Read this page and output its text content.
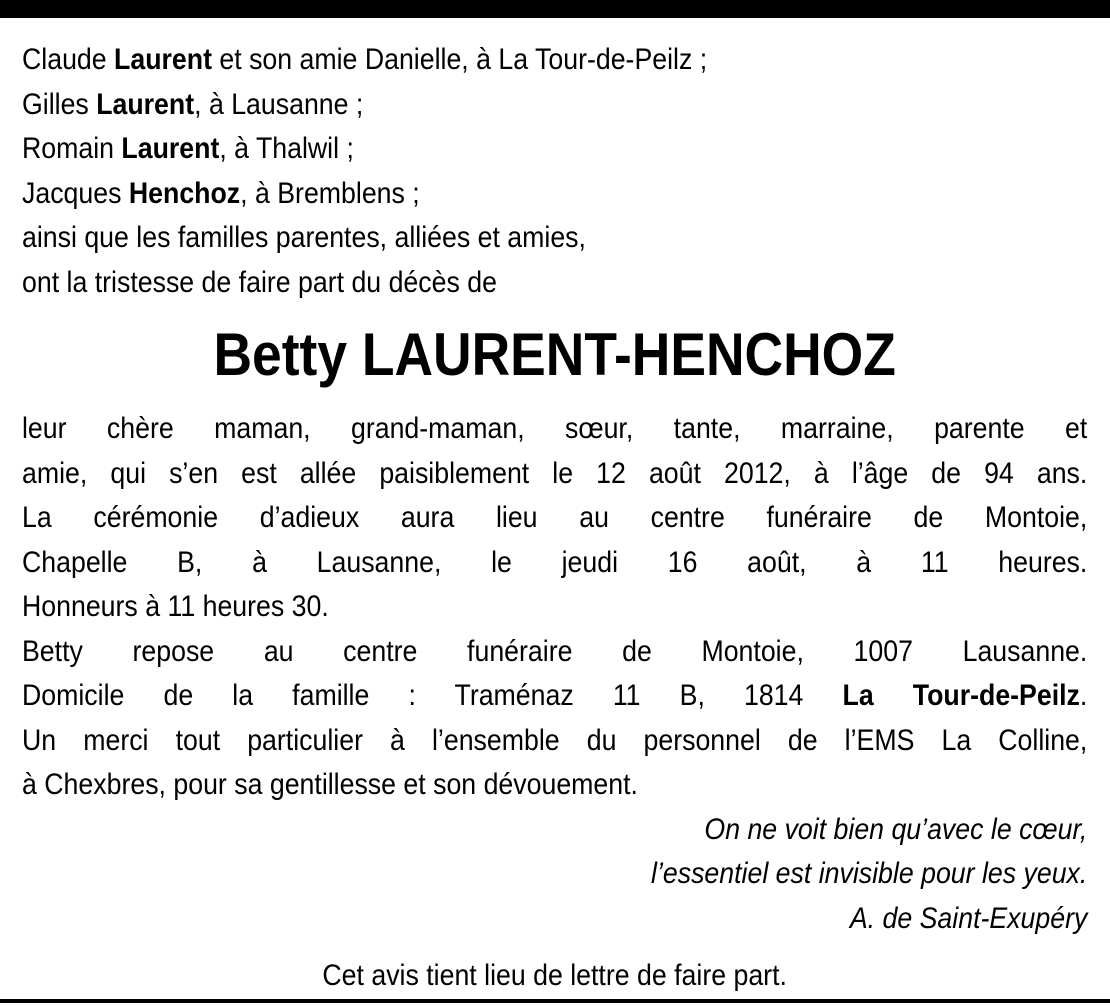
Claude Laurent et son amie Danielle, à La Tour-de-Peilz ;
Gilles Laurent, à Lausanne ;
Romain Laurent, à Thalwil ;
Jacques Henchoz, à Bremblens ;
ainsi que les familles parentes, alliées et amies,
ont la tristesse de faire part du décès de
Betty LAURENT-HENCHOZ
leur chère maman, grand-maman, sœur, tante, marraine, parente et
amie, qui s’en est allée paisiblement le 12 août 2012, à l’âge de 94 ans.
La cérémonie d’adieux aura lieu au centre funéraire de Montoie,
Chapelle B, à Lausanne, le jeudi 16 août, à 11 heures.
Honneurs à 11 heures 30.
Betty repose au centre funéraire de Montoie, 1007 Lausanne.
Domicile de la famille : Traménaz 11 B, 1814 La Tour-de-Peilz.
Un merci tout particulier à l’ensemble du personnel de l’EMS La Colline,
à Chexbres, pour sa gentillesse et son dévouement.
On ne voit bien qu’avec le cœur,
l’essentiel est invisible pour les yeux.
A. de Saint-Exupéry
Cet avis tient lieu de lettre de faire part.
